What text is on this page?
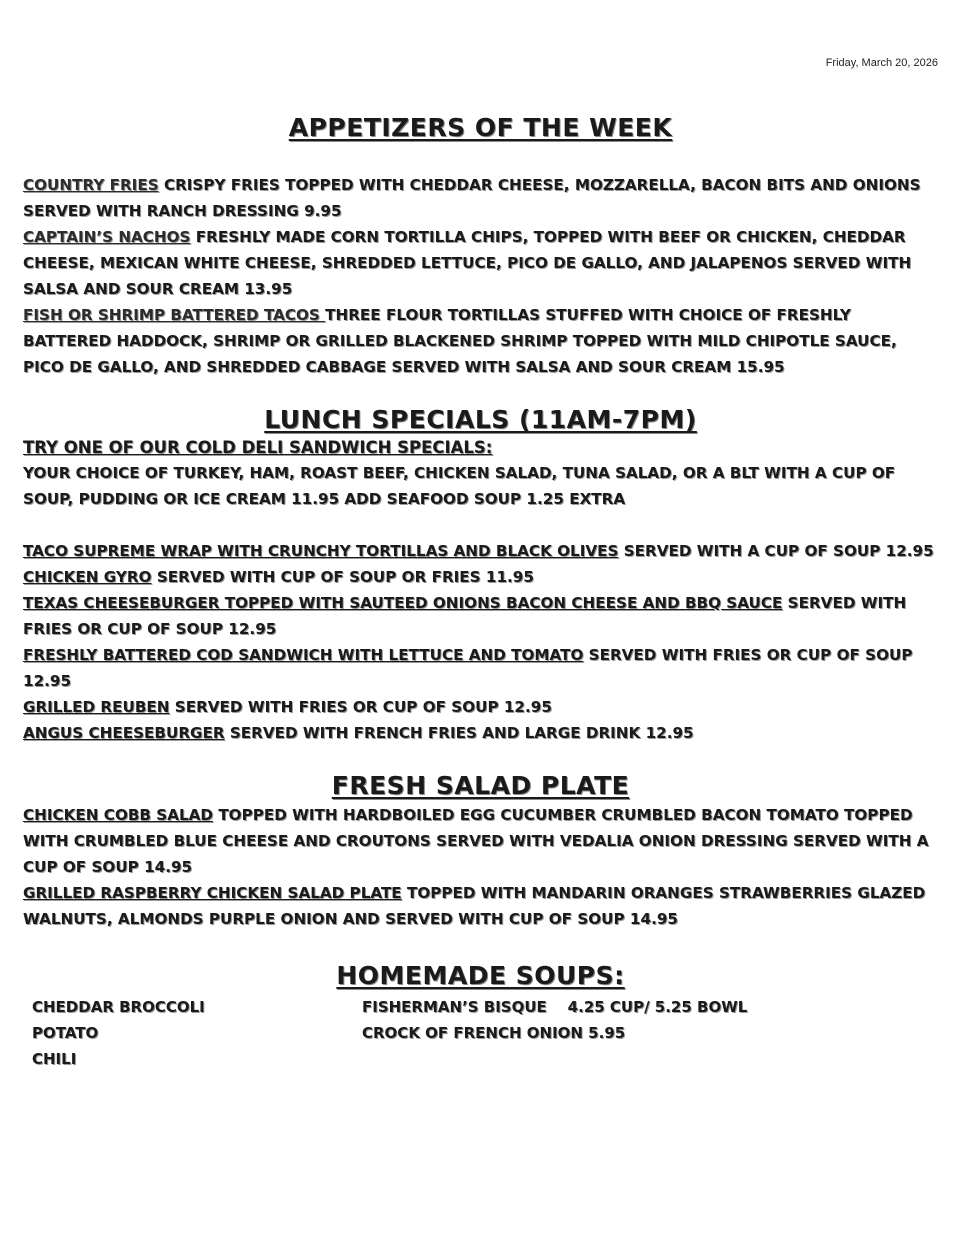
Friday, March 20, 2026
APPETIZERS OF THE WEEK

COUNTRY FRIES CRISPY FRIES TOPPED WITH CHEDDAR CHEESE, MOZZARELLA, BACON BITS AND ONIONS SERVED WITH RANCH DRESSING 9.95

CAPTAIN’S NACHOS FRESHLY MADE CORN TORTILLA CHIPS, TOPPED WITH BEEF OR CHICKEN, CHEDDAR CHEESE, MEXICAN WHITE CHEESE, SHREDDED LETTUCE, PICO DE GALLO, AND JALAPENOS SERVED WITH SALSA AND SOUR CREAM 13.95

FISH OR SHRIMP BATTERED TACOS THREE FLOUR TORTILLAS STUFFED WITH CHOICE OF FRESHLY BATTERED HADDOCK, SHRIMP OR GRILLED BLACKENED SHRIMP TOPPED WITH MILD CHIPOTLE SAUCE, PICO DE GALLO, AND SHREDDED CABBAGE SERVED WITH SALSA AND SOUR CREAM 15.95

LUNCH SPECIALS (11AM-7PM)
TRY ONE OF OUR COLD DELI SANDWICH SPECIALS:

YOUR CHOICE OF TURKEY, HAM, ROAST BEEF, CHICKEN SALAD, TUNA SALAD, OR A BLT WITH A CUP OF SOUP, PUDDING OR ICE CREAM 11.95 ADD SEAFOOD SOUP 1.25 EXTRA

TACO SUPREME WRAP WITH CRUNCHY TORTILLAS AND BLACK OLIVES SERVED WITH A CUP OF SOUP 12.95

CHICKEN GYRO SERVED WITH CUP OF SOUP OR FRIES 11.95

TEXAS CHEESEBURGER TOPPED WITH SAUTEED ONIONS BACON CHEESE AND BBQ SAUCE SERVED WITH FRIES OR CUP OF SOUP 12.95

FRESHLY BATTERED COD SANDWICH WITH LETTUCE AND TOMATO SERVED WITH FRIES OR CUP OF SOUP 12.95

GRILLED REUBEN SERVED WITH FRIES OR CUP OF SOUP 12.95

ANGUS CHEESEBURGER SERVED WITH FRENCH FRIES AND LARGE DRINK 12.95

FRESH SALAD PLATE

CHICKEN COBB SALAD TOPPED WITH HARDBOILED EGG CUCUMBER CRUMBLED BACON TOMATO TOPPED WITH CRUMBLED BLUE CHEESE AND CROUTONS SERVED WITH VEDALIA ONION DRESSING SERVED WITH A CUP OF SOUP 14.95

GRILLED RASPBERRY CHICKEN SALAD PLATE TOPPED WITH MANDARIN ORANGES STRAWBERRIES GLAZED WALNUTS, ALMONDS PURPLE ONION AND SERVED WITH CUP OF SOUP 14.95

HOMEMADE SOUPS:
CHEDDAR BROCCOLI	FISHERMAN’S BISQUE    4.25 CUP/ 5.25 BOWL
POTATO	CROCK OF FRENCH ONION 5.95
CHILI
